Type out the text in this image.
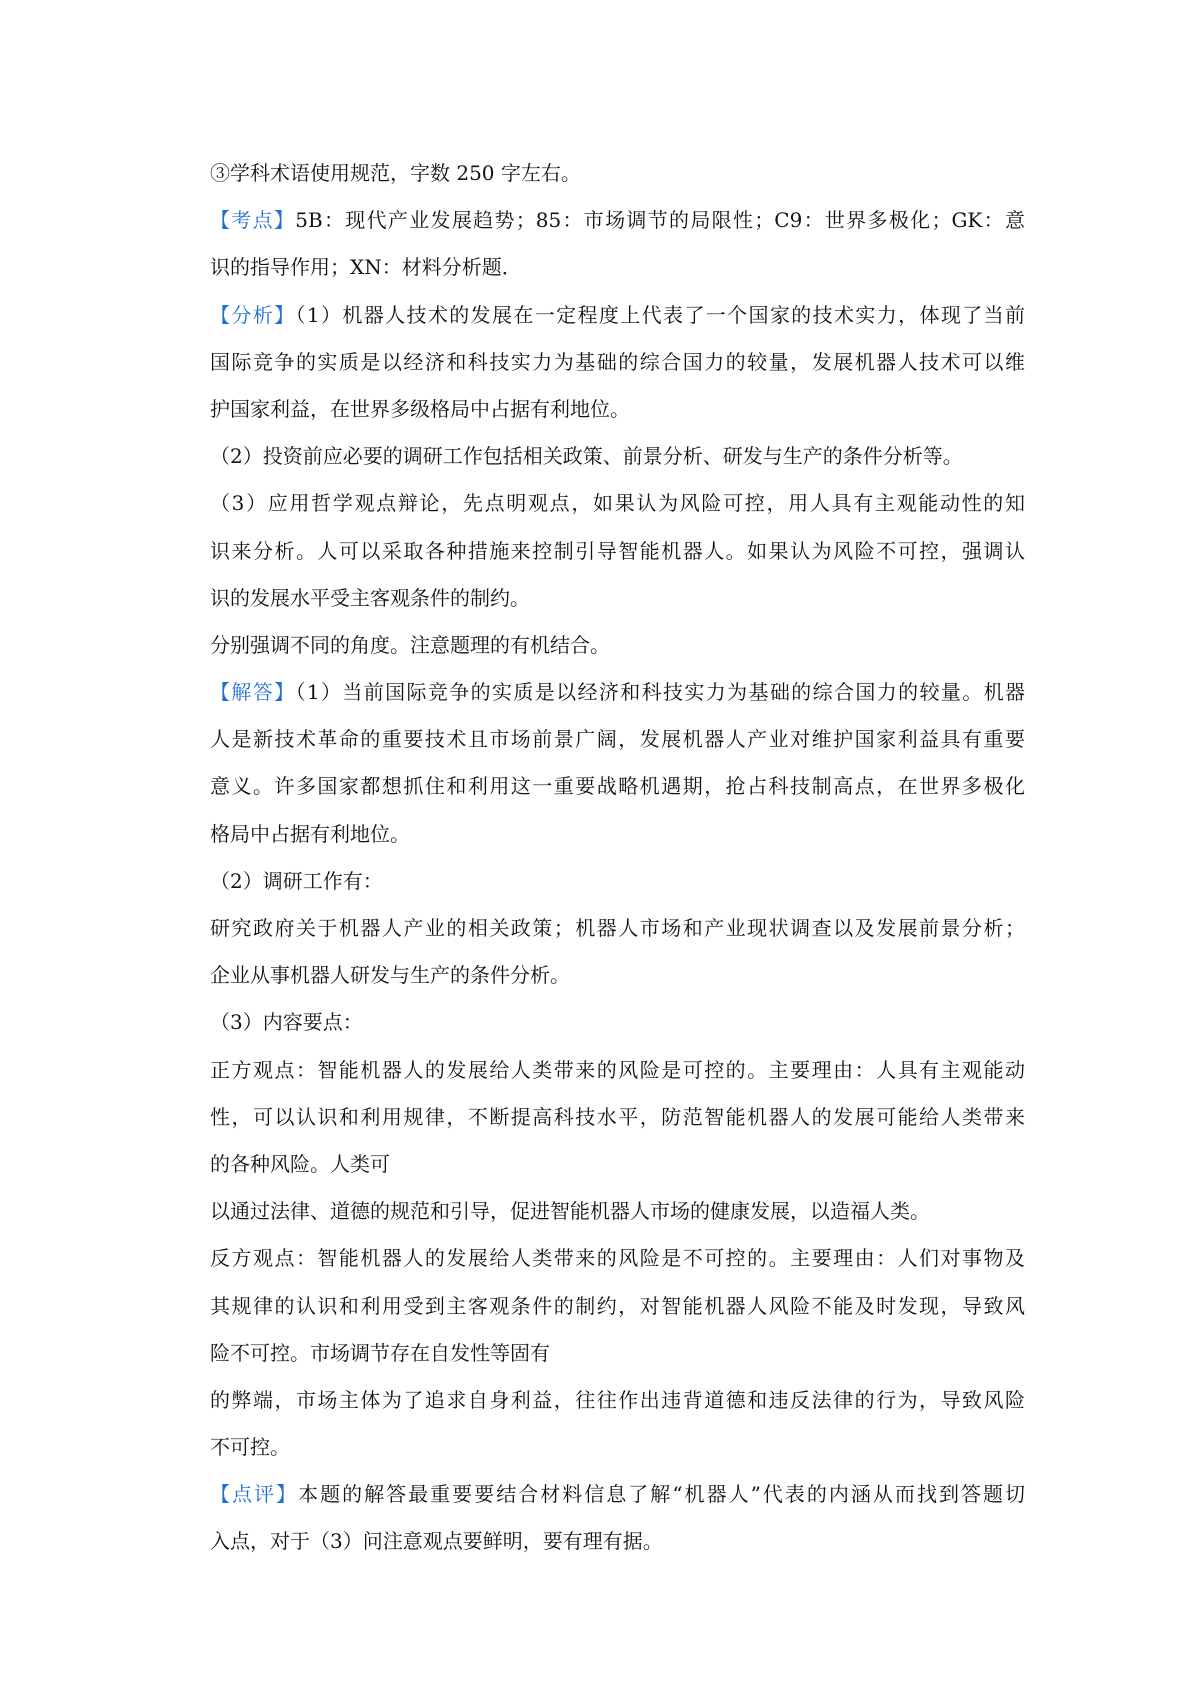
③学科术语使用规范，字数 250 字左右。
【考点】5B：现代产业发展趋势；85：市场调节的局限性；C9：世界多极化；GK：意
识的指导作用；XN：材料分析题．
【分析】（1）机器人技术的发展在一定程度上代表了一个国家的技术实力，体现了当前
国际竞争的实质是以经济和科技实力为基础的综合国力的较量，发展机器人技术可以维
护国家利益，在世界多级格局中占据有利地位。
（2）投资前应必要的调研工作包括相关政策、前景分析、研发与生产的条件分析等。
（3）应用哲学观点辩论，先点明观点，如果认为风险可控，用人具有主观能动性的知
识来分析。人可以采取各种措施来控制引导智能机器人。如果认为风险不可控，强调认
识的发展水平受主客观条件的制约。
分别强调不同的角度。注意题理的有机结合。
【解答】（1）当前国际竞争的实质是以经济和科技实力为基础的综合国力的较量。机器
人是新技术革命的重要技术且市场前景广阔，发展机器人产业对维护国家利益具有重要
意义。许多国家都想抓住和利用这一重要战略机遇期，抢占科技制高点，在世界多极化
格局中占据有利地位。
（2）调研工作有：
研究政府关于机器人产业的相关政策；机器人市场和产业现状调查以及发展前景分析；
企业从事机器人研发与生产的条件分析。
（3）内容要点：
正方观点：智能机器人的发展给人类带来的风险是可控的。主要理由：人具有主观能动
性，可以认识和利用规律，不断提高科技水平，防范智能机器人的发展可能给人类带来
的各种风险。人类可
以通过法律、道德的规范和引导，促进智能机器人市场的健康发展，以造福人类。
反方观点：智能机器人的发展给人类带来的风险是不可控的。主要理由：人们对事物及
其规律的认识和利用受到主客观条件的制约，对智能机器人风险不能及时发现，导致风
险不可控。市场调节存在自发性等固有
的弊端，市场主体为了追求自身利益，往往作出违背道德和违反法律的行为，导致风险
不可控。
【点评】本题的解答最重要要结合材料信息了解“机器人”代表的内涵从而找到答题切
入点，对于（3）问注意观点要鲜明，要有理有据。
